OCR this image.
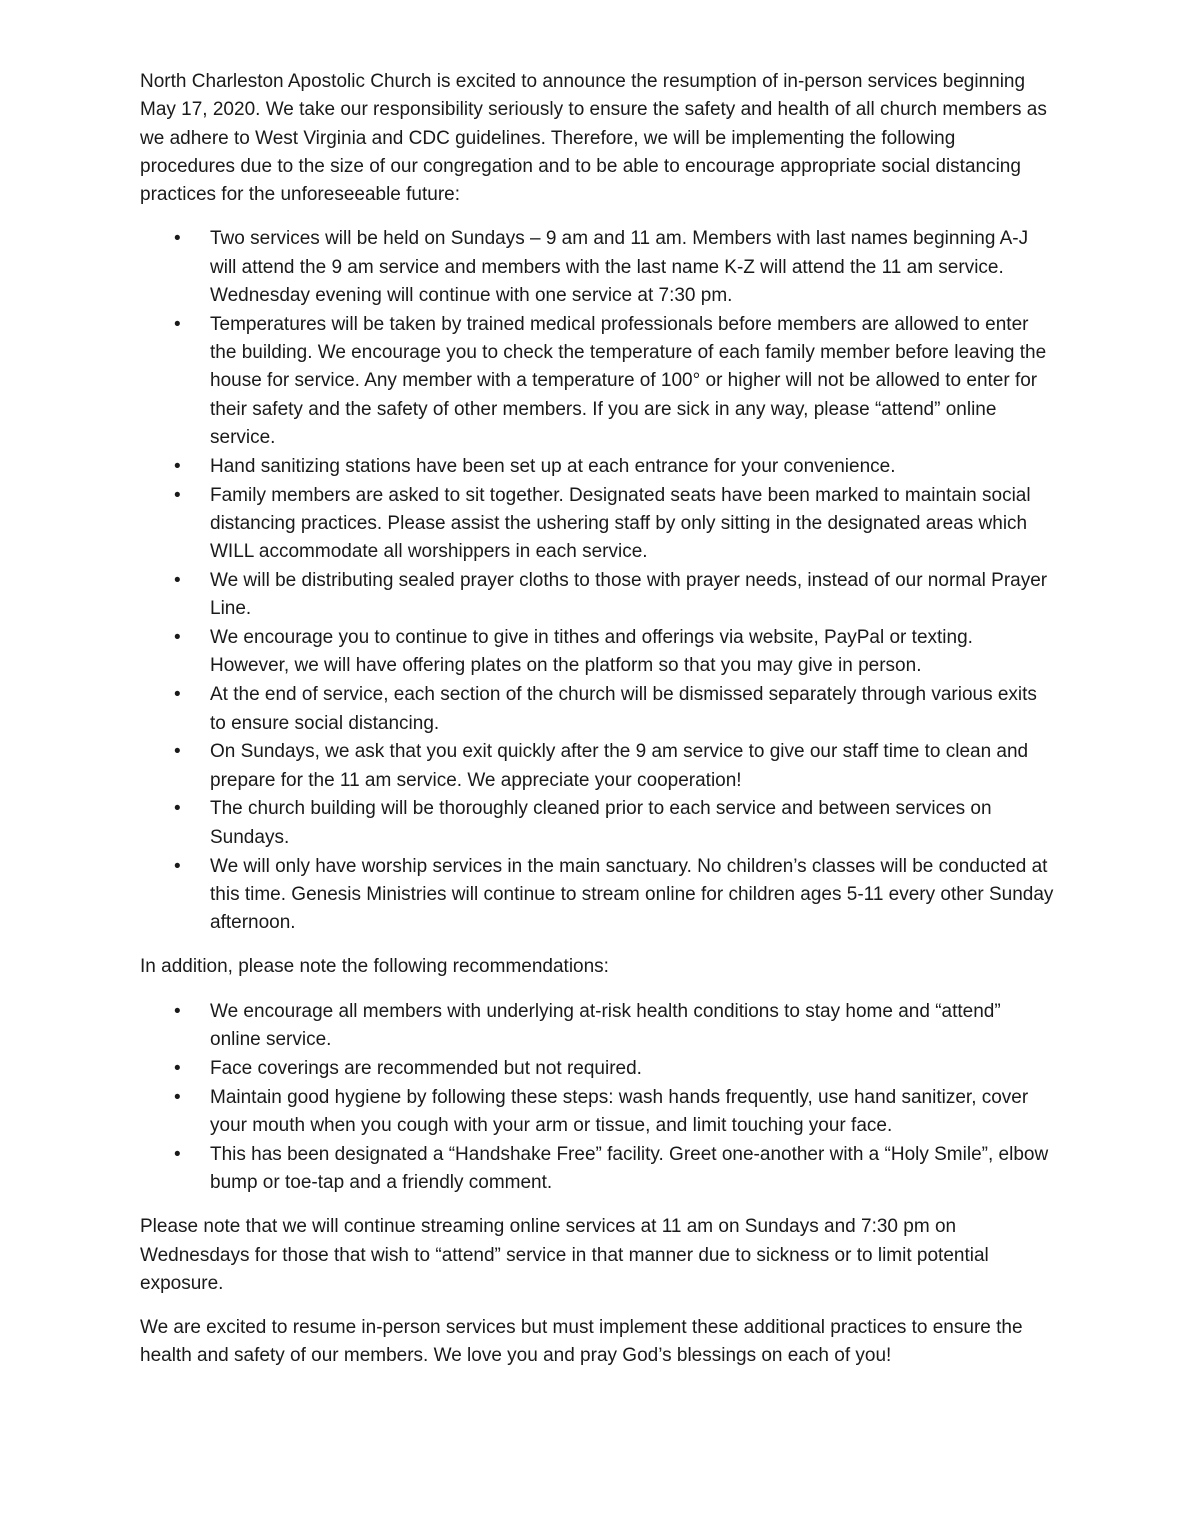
North Charleston Apostolic Church is excited to announce the resumption of in-person services beginning May 17, 2020. We take our responsibility seriously to ensure the safety and health of all church members as we adhere to West Virginia and CDC guidelines. Therefore, we will be implementing the following procedures due to the size of our congregation and to be able to encourage appropriate social distancing practices for the unforeseeable future:

• Two services will be held on Sundays – 9 am and 11 am. Members with last names beginning A-J will attend the 9 am service and members with the last name K-Z will attend the 11 am service. Wednesday evening will continue with one service at 7:30 pm.
• Temperatures will be taken by trained medical professionals before members are allowed to enter the building. We encourage you to check the temperature of each family member before leaving the house for service. Any member with a temperature of 100° or higher will not be allowed to enter for their safety and the safety of other members. If you are sick in any way, please “attend” online service.
• Hand sanitizing stations have been set up at each entrance for your convenience.
• Family members are asked to sit together. Designated seats have been marked to maintain social distancing practices. Please assist the ushering staff by only sitting in the designated areas which WILL accommodate all worshippers in each service.
• We will be distributing sealed prayer cloths to those with prayer needs, instead of our normal Prayer Line.
• We encourage you to continue to give in tithes and offerings via website, PayPal or texting. However, we will have offering plates on the platform so that you may give in person.
• At the end of service, each section of the church will be dismissed separately through various exits to ensure social distancing.
• On Sundays, we ask that you exit quickly after the 9 am service to give our staff time to clean and prepare for the 11 am service. We appreciate your cooperation!
• The church building will be thoroughly cleaned prior to each service and between services on Sundays.
• We will only have worship services in the main sanctuary. No children’s classes will be conducted at this time. Genesis Ministries will continue to stream online for children ages 5-11 every other Sunday afternoon.

In addition, please note the following recommendations:

• We encourage all members with underlying at-risk health conditions to stay home and “attend” online service.
• Face coverings are recommended but not required.
• Maintain good hygiene by following these steps: wash hands frequently, use hand sanitizer, cover your mouth when you cough with your arm or tissue, and limit touching your face.
• This has been designated a “Handshake Free” facility. Greet one-another with a “Holy Smile”, elbow bump or toe-tap and a friendly comment.

Please note that we will continue streaming online services at 11 am on Sundays and 7:30 pm on Wednesdays for those that wish to “attend” service in that manner due to sickness or to limit potential exposure.

We are excited to resume in-person services but must implement these additional practices to ensure the health and safety of our members. We love you and pray God’s blessings on each of you!
